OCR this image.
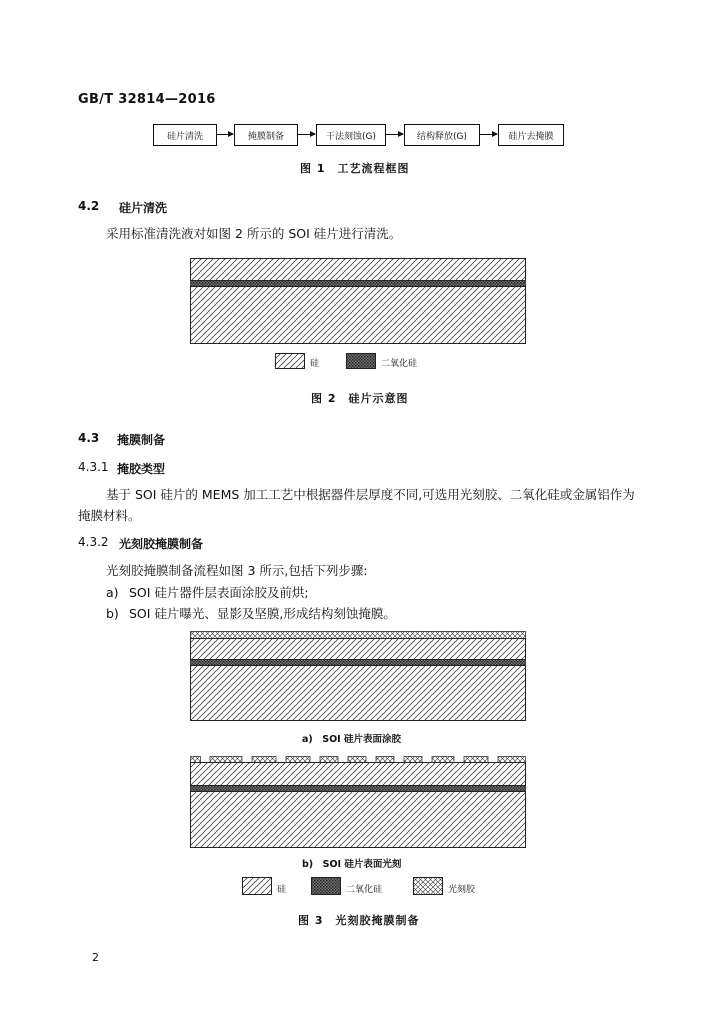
GB/T 32814—2016
硅片清洗	掩膜制备	干法刻蚀(G)	结构释放(G)	硅片去掩膜
图 1　工艺流程框图
4.2 硅片清洗
采用标准清洗液对如图 2 所示的 SOI 硅片进行清洗。
硅	二氧化硅
图 2　硅片示意图
4.3 掩膜制备
4.3.1 掩胶类型
基于 SOI 硅片的 MEMS 加工工艺中根据器件层厚度不同,可选用光刻胶、二氧化硅或金属铝作为
掩膜材料。
4.3.2 光刻胶掩膜制备
光刻胶掩膜制备流程如图 3 所示,包括下列步骤:
a) SOI 硅片器件层表面涂胶及前烘;
b) SOI 硅片曝光、显影及坚膜,形成结构刻蚀掩膜。
a)　SOI 硅片表面涂胶
b)　SOI 硅片表面光刻
硅	二氧化硅	光刻胶
图 3　光刻胶掩膜制备
2
